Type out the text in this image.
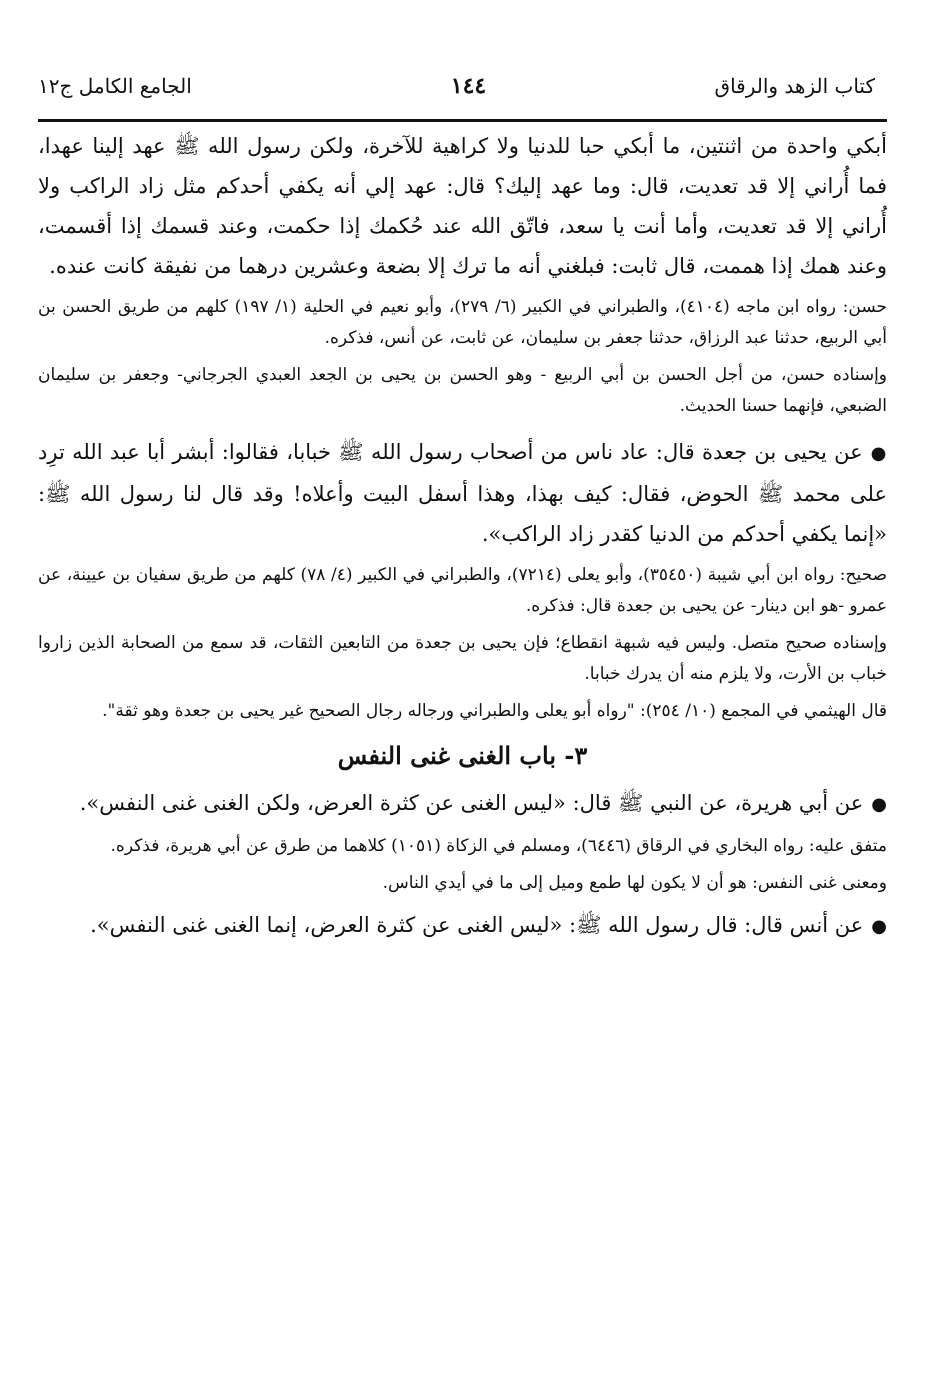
كتاب الزهد والرقاق
١٤٤
الجامع الكامل ج١٢

أبكي واحدة من اثنتين، ما أبكي حبا للدنيا ولا كراهية للآخرة، ولكن رسول الله ﷺ عهد إلينا عهدا، فما أُراني إلا قد تعديت، قال: وما عهد إليك؟ قال: عهد إلي أنه يكفي أحدكم مثل زاد الراكب ولا أُراني إلا قد تعديت، وأما أنت يا سعد، فاتّق الله عند حُكمك إذا حكمت، وعند قسمك إذا أقسمت، وعند همك إذا هممت، قال ثابت: فبلغني أنه ما ترك إلا بضعة وعشرين درهما من نفيقة كانت عنده.

حسن: رواه ابن ماجه (٤١٠٤)، والطبراني في الكبير (٦/ ٢٧٩)، وأبو نعيم في الحلية (١/ ١٩٧) كلهم من طريق الحسن بن أبي الربيع، حدثنا عبد الرزاق، حدثنا جعفر بن سليمان، عن ثابت، عن أنس، فذكره.

وإسناده حسن، من أجل الحسن بن أبي الربيع - وهو الحسن بن يحيى بن الجعد العبدي الجرجاني- وجعفر بن سليمان الضبعي، فإنهما حسنا الحديث.

●عن يحيى بن جعدة قال: عاد ناس من أصحاب رسول الله ﷺ خبابا، فقالوا: أبشر أبا عبد الله ترِد على محمد ﷺ الحوض، فقال: كيف بهذا، وهذا أسفل البيت وأعلاه! وقد قال لنا رسول الله ﷺ: «إنما يكفي أحدكم من الدنيا كقدر زاد الراكب».

صحيح: رواه ابن أبي شيبة (٣٥٤٥٠)، وأبو يعلى (٧٢١٤)، والطبراني في الكبير (٤/ ٧٨) كلهم من طريق سفيان بن عيينة، عن عمرو -هو ابن دينار- عن يحيى بن جعدة قال: فذكره.

وإسناده صحيح متصل. وليس فيه شبهة انقطاع؛ فإن يحيى بن جعدة من التابعين الثقات، قد سمع من الصحابة الذين زاروا خباب بن الأرت، ولا يلزم منه أن يدرك خبابا.

قال الهيثمي في المجمع (١٠/ ٢٥٤): "رواه أبو يعلى والطبراني ورجاله رجال الصحيح غير يحيى بن جعدة وهو ثقة".

٣- باب الغنى غنى النفس

●عن أبي هريرة، عن النبي ﷺ قال: «ليس الغنى عن كثرة العرض، ولكن الغنى غنى النفس».

متفق عليه: رواه البخاري في الرقاق (٦٤٤٦)، ومسلم في الزكاة (١٠٥١) كلاهما من طرق عن أبي هريرة، فذكره.

ومعنى غنى النفس: هو أن لا يكون لها طمع وميل إلى ما في أيدي الناس.

●عن أنس قال: قال رسول الله ﷺ: «ليس الغنى عن كثرة العرض، إنما الغنى غنى النفس».
